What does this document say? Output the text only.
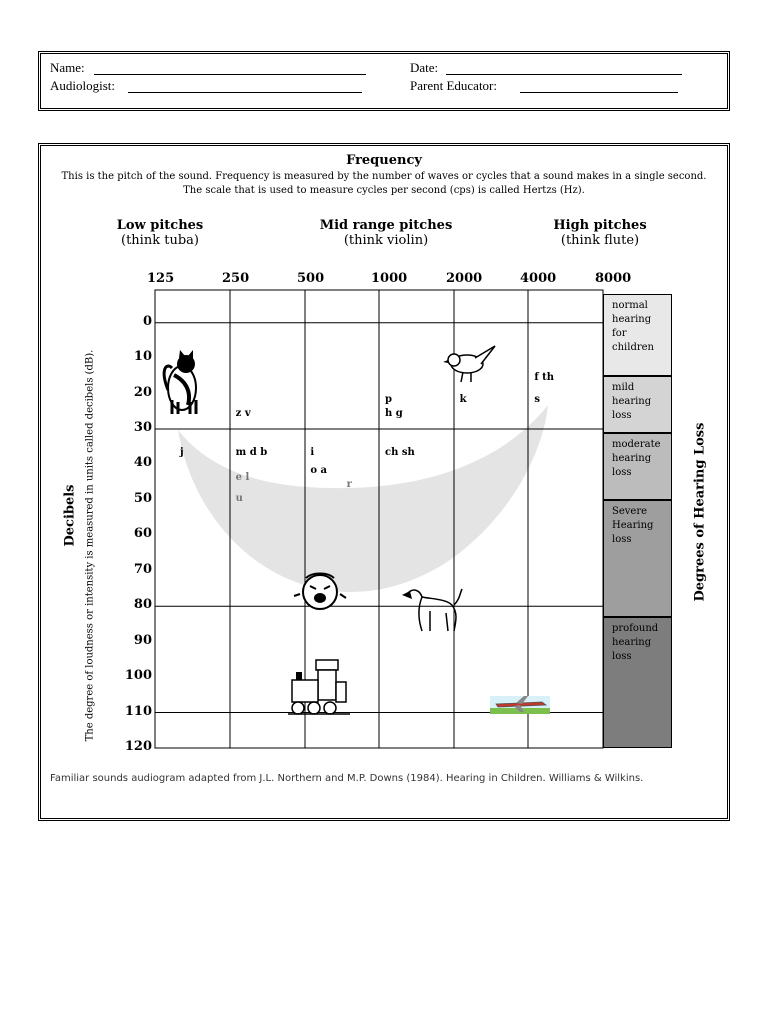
Name:	Date:
Audiologist:	Parent Educator:
Frequency
This is the pitch of the sound. Frequency is measured by the number of waves or cycles that a sound makes in a single second. The scale that is used to measure cycles per second (cps) is called Hertzs (Hz).
Low pitches
(think tuba)
Mid range pitches
(think violin)
High pitches
(think flute)
125	250	500	1000	2000	4000	8000
0
10
20
30
40
50
60
70
80
90
100
110
120
j
z v
m d b
e l
u
i
o a
r
p
h g
ch sh
k
f th
s
normal hearing for children
mild hearing loss
moderate hearing loss
Severe Hearing loss
profound hearing loss
Decibels The degree of loudness or intensity is measured in units called decibels (dB).	Degrees of Hearing Loss
Familiar sounds audiogram adapted from J.L. Northern and M.P. Downs (1984). Hearing in Children. Williams & Wilkins.
